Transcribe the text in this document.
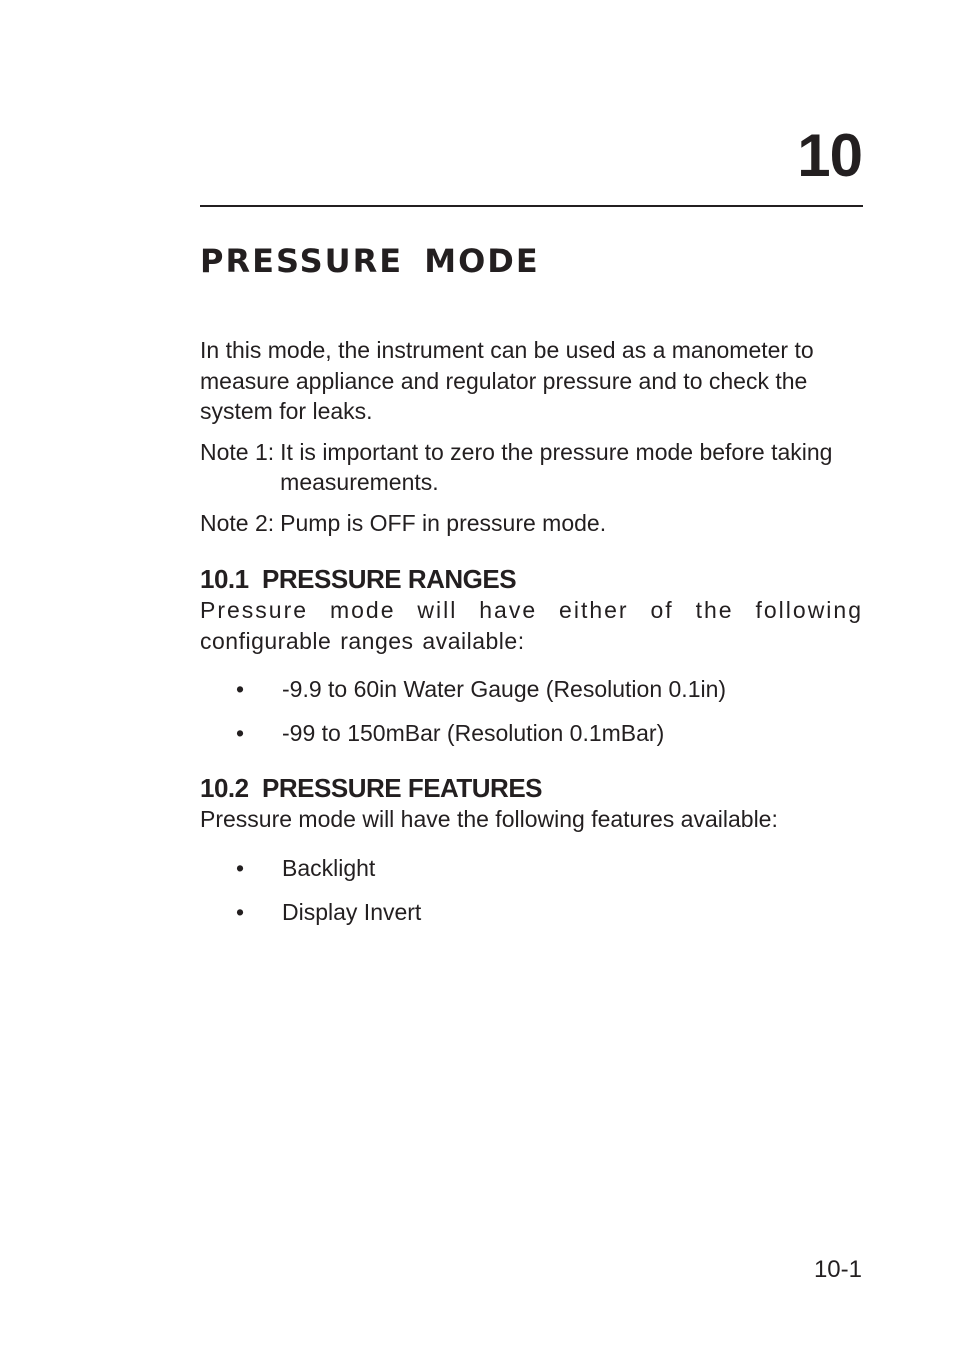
10
PRESSURE MODE

In this mode, the instrument can be used as a manometer to measure appliance and regulator pressure and to check the system for leaks.

Note 1: It is important to zero the pressure mode before taking measurements.

Note 2: Pump is OFF in pressure mode.

10.1  PRESSURE RANGES

Pressure mode will have either of the following
configurable ranges available:

•	-9.9 to 60in Water Gauge (Resolution 0.1in)
•	-99 to 150mBar (Resolution 0.1mBar)
10.2  PRESSURE FEATURES

Pressure mode will have the following features available:

•	Backlight
•	Display Invert
10-1
